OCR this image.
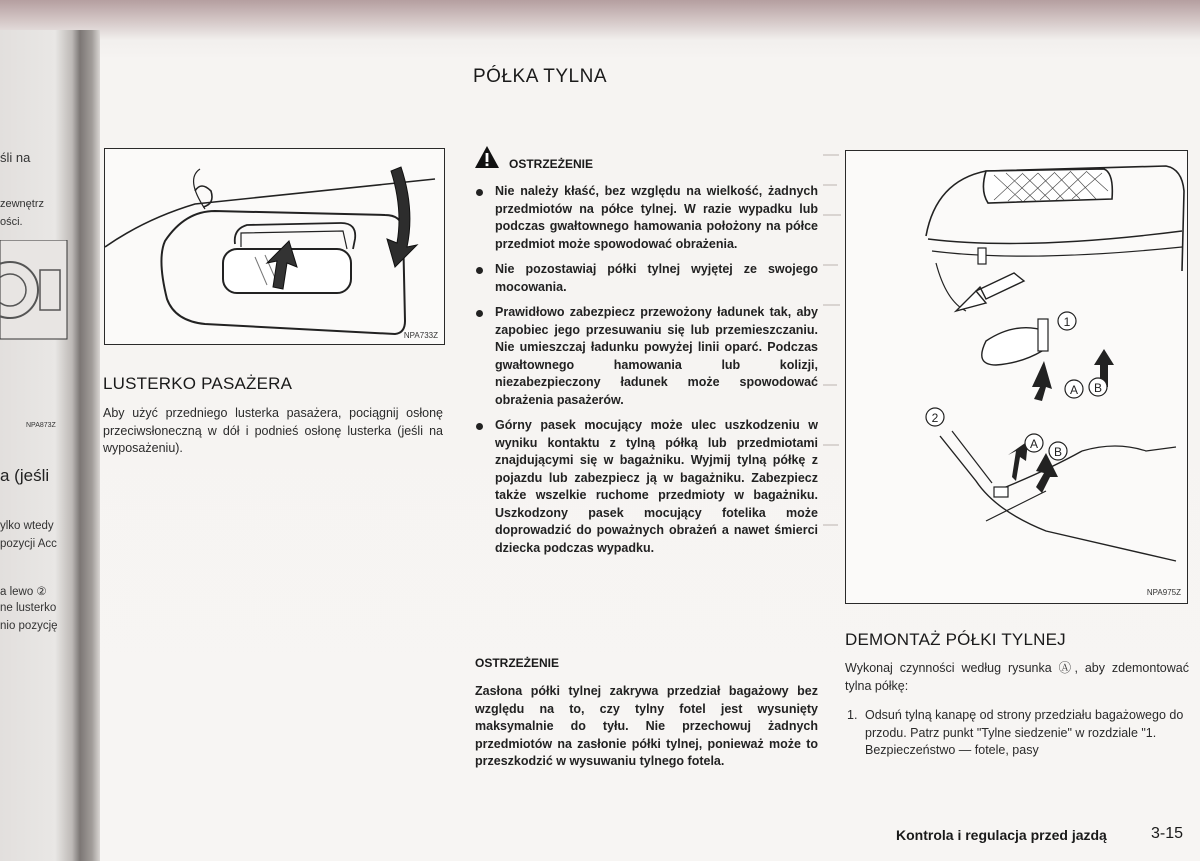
śli na
zewnętrz
ości.
NPA873Z
a (jeśli
ylko wtedy
pozycji Acc
a lewo ②
ne lusterko
nio pozycję
PÓŁKA TYLNA
NPA733Z
LUSTERKO PASAŻERA
Aby użyć przedniego lusterka pasażera, pociągnij osłonę przeciwsłoneczną w dół i podnieś osłonę lusterka (jeśli na wyposażeniu).
OSTRZEŻENIE
Nie należy kłaść, bez względu na wielkość, żadnych przedmiotów na półce tylnej. W razie wypadku lub podczas gwałtownego hamowania położony na półce przedmiot może spowodować obrażenia.
Nie pozostawiaj półki tylnej wyjętej ze swojego mocowania.
Prawidłowo zabezpiecz przewożony ładunek tak, aby zapobiec jego przesuwaniu się lub przemieszczaniu. Nie umieszczaj ładunku powyżej linii oparć. Podczas gwałtownego hamowania lub kolizji, niezabezpieczony ładunek może spowodować obrażenia pasażerów.
Górny pasek mocujący może ulec uszkodzeniu w wyniku kontaktu z tylną półką lub przedmiotami znajdującymi się w bagażniku. Wyjmij tylną półkę z pojazdu lub zabezpiecz ją w bagażniku. Zabezpiecz także wszelkie ruchome przedmioty w bagażniku. Uszkodzony pasek mocujący fotelika może doprowadzić do poważnych obrażeń a nawet śmierci dziecka podczas wypadku.
OSTRZEŻENIE
Zasłona półki tylnej zakrywa przedział bagażowy bez względu na to, czy tylny fotel jest wysunięty maksymalnie do tyłu. Nie przechowuj żadnych przedmiotów na zasłonie półki tylnej, ponieważ może to przeszkodzić w wysuwaniu tylnego fotela.
1
A B
2
A
B
NPA975Z
DEMONTAŻ PÓŁKI TYLNEJ
Wykonaj czynności według rysunka Ⓐ, aby zdemontować tylna półkę:
1. Odsuń tylną kanapę od strony przedziału bagażowego do przodu. Patrz punkt "Tylne siedzenie" w rozdziale "1. Bezpieczeństwo — fotele, pasy
Kontrola i regulacja przed jazdą	3-15
